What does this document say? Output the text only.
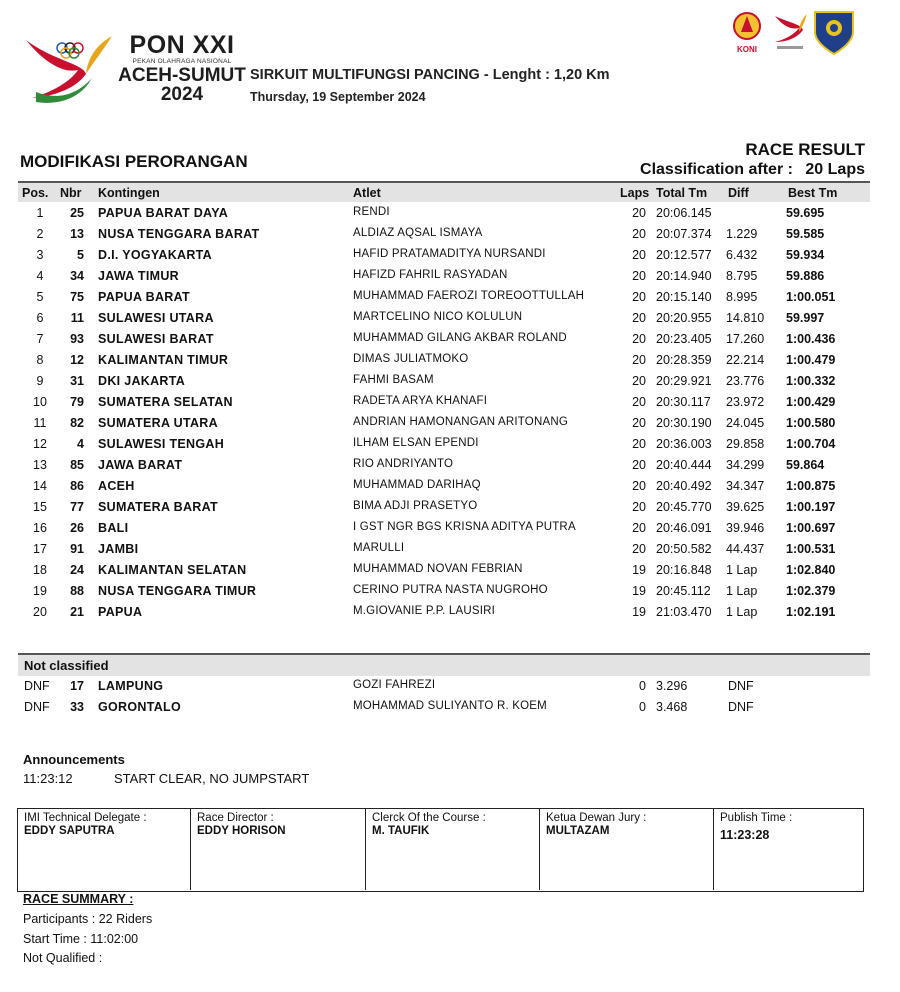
PON XXI
PEKAN OLAHRAGA NASIONAL
ACEH-SUMUT
2024
SIRKUIT MULTIFUNGSI PANCING - Lenght : 1,20 Km
Thursday, 19 September 2024
KONI
MODIFIKASI PERORANGAN
RACE RESULT
Classification after : 20 Laps
Pos. Nbr Kontingen	Atlet	Laps Total Tm Diff	Best Tm
1	25 PAPUA BARAT DAYA	RENDI	20 20:06.145	59.695
2	13 NUSA TENGGARA BARAT	ALDIAZ AQSAL ISMAYA	20 20:07.374 1.229 59.585
3	5 D.I. YOGYAKARTA	HAFID PRATAMADITYA NURSANDI	20 20:12.577 6.432 59.934
4	34 JAWA TIMUR	HAFIZD FAHRIL RASYADAN	20 20:14.940 8.795 59.886
5	75 PAPUA BARAT	MUHAMMAD FAEROZI TOREOOTTULLAH	20 20:15.140 8.995 1:00.051
6	11 SULAWESI UTARA	MARTCELINO NICO KOLULUN	20 20:20.955 14.810 59.997
7	93 SULAWESI BARAT	MUHAMMAD GILANG AKBAR ROLAND	20 20:23.405 17.260 1:00.436
8	12 KALIMANTAN TIMUR	DIMAS JULIATMOKO	20 20:28.359 22.214 1:00.479
9	31 DKI JAKARTA	FAHMI BASAM	20 20:29.921 23.776 1:00.332
10	79 SUMATERA SELATAN	RADETA ARYA KHANAFI	20 20:30.117 23.972 1:00.429
11	82 SUMATERA UTARA	ANDRIAN HAMONANGAN ARITONANG	20 20:30.190 24.045 1:00.580
12	4 SULAWESI TENGAH	ILHAM ELSAN EPENDI	20 20:36.003 29.858 1:00.704
13	85 JAWA BARAT	RIO ANDRIYANTO	20 20:40.444 34.299 59.864
14	86 ACEH	MUHAMMAD DARIHAQ	20 20:40.492 34.347 1:00.875
15	77 SUMATERA BARAT	BIMA ADJI PRASETYO	20 20:45.770 39.625 1:00.197
16	26 BALI	I GST NGR BGS KRISNA ADITYA PUTRA	20 20:46.091 39.946 1:00.697
17	91 JAMBI	MARULLI	20 20:50.582 44.437 1:00.531
18	24 KALIMANTAN SELATAN	MUHAMMAD NOVAN FEBRIAN	19 20:16.848 1 Lap 1:02.840
19	88 NUSA TENGGARA TIMUR	CERINO PUTRA NASTA NUGROHO	19 20:45.112 1 Lap 1:02.379
20	21 PAPUA	M.GIOVANIE P.P. LAUSIRI	19 21:03.470 1 Lap 1:02.191
Not classified
DNF	17 LAMPUNG	GOZI FAHREZI	0 3.296	DNF
DNF	33 GORONTALO	MOHAMMAD SULIYANTO R. KOEM	0 3.468	DNF
Announcements
11:23:12	START CLEAR, NO JUMPSTART
IMI Technical Delegate :
EDDY SAPUTRA
Race Director :
EDDY HORISON
Clerck Of the Course :
M. TAUFIK
Ketua Dewan Jury :
MULTAZAM
Publish Time :
11:23:28
RACE SUMMARY :
Participants : 22 Riders
Start Time : 11:02:00
Not Qualified :
